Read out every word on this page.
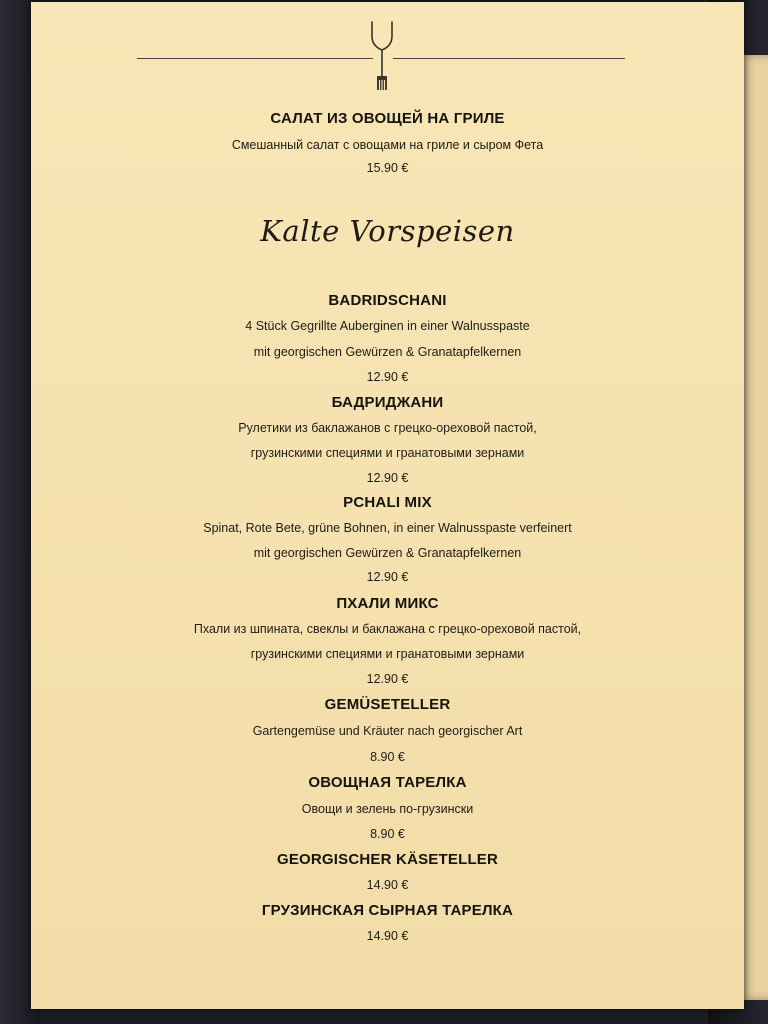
САЛАТ ИЗ ОВОЩЕЙ НА ГРИЛЕ
Смешанный салат с овощами на гриле и сыром Фета
15.90 €
Kalte Vorspeisen
BADRIDSCHANI
4 Stück Gegrillte Auberginen in einer Walnusspaste
mit georgischen Gewürzen & Granatapfelkernen
12.90 €
БАДРИДЖАНИ
Рулетики из баклажанов с грецко-ореховой пастой,
грузинскими специями и гранатовыми зернами
12.90 €
PCHALI MIX
Spinat, Rote Bete, grüne Bohnen, in einer Walnusspaste verfeinert
mit georgischen Gewürzen & Granatapfelkernen
12.90 €
ПХАЛИ МИКС
Пхали из шпината, свеклы и баклажана с грецко-ореховой пастой,
грузинскими специями и гранатовыми зернами
12.90 €
GEMÜSETELLER
Gartengemüse und Kräuter nach georgischer Art
8.90 €
ОВОЩНАЯ ТАРЕЛКА
Овощи и зелень по-грузински
8.90 €
GEORGISCHER KÄSETELLER
14.90 €
ГРУЗИНСКАЯ СЫРНАЯ ТАРЕЛКА
14.90 €
